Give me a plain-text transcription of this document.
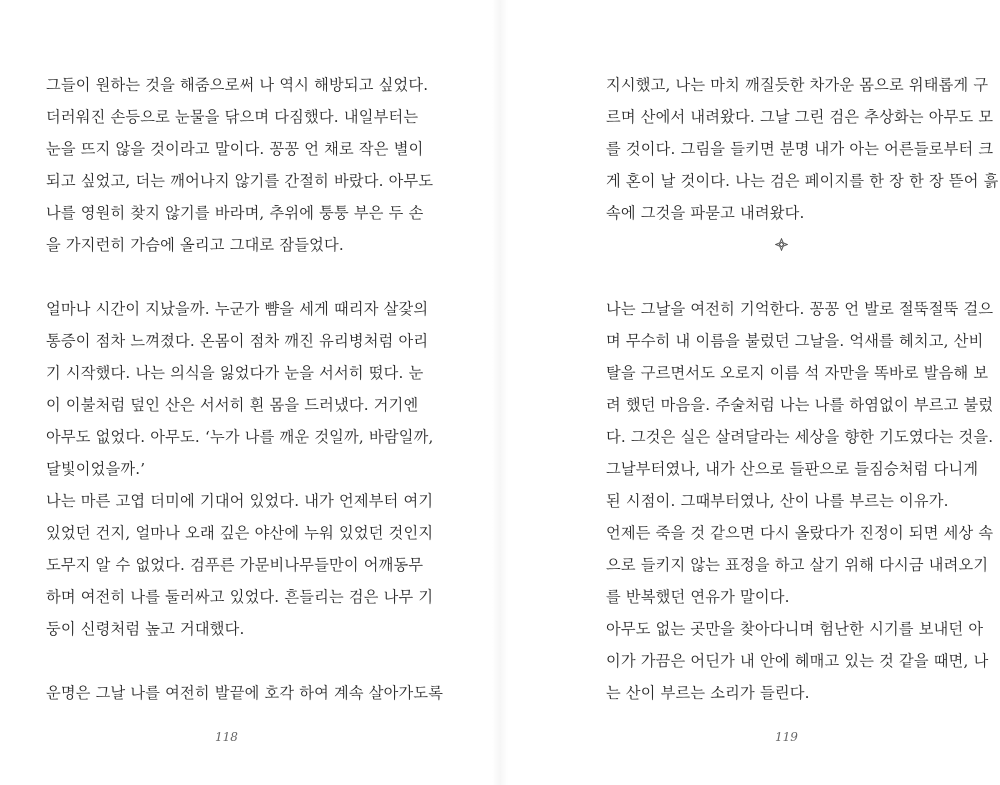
그들이 원하는 것을 해줌으로써 나 역시 해방되고 싶었다.
더러워진 손등으로 눈물을 닦으며 다짐했다. 내일부터는
눈을 뜨지 않을 것이라고 말이다. 꽁꽁 언 채로 작은 별이
되고 싶었고, 더는 깨어나지 않기를 간절히 바랐다. 아무도
나를 영원히 찾지 않기를 바라며, 추위에 퉁퉁 부은 두 손
을 가지런히 가슴에 올리고 그대로 잠들었다.
얼마나 시간이 지났을까. 누군가 뺨을 세게 때리자 살갗의
통증이 점차 느껴졌다. 온몸이 점차 깨진 유리병처럼 아리
기 시작했다. 나는 의식을 잃었다가 눈을 서서히 떴다. 눈
이 이불처럼 덮인 산은 서서히 흰 몸을 드러냈다. 거기엔
아무도 없었다. 아무도. ‘누가 나를 깨운 것일까, 바람일까,
달빛이었을까.’
나는 마른 고엽 더미에 기대어 있었다. 내가 언제부터 여기
있었던 건지, 얼마나 오래 깊은 야산에 누워 있었던 것인지
도무지 알 수 없었다. 검푸른 가문비나무들만이 어깨동무
하며 여전히 나를 둘러싸고 있었다. 흔들리는 검은 나무 기
둥이 신령처럼 높고 거대했다.
운명은 그날 나를 여전히 발끝에 호각 하여 계속 살아가도록
118
지시했고, 나는 마치 깨질듯한 차가운 몸으로 위태롭게 구
르며 산에서 내려왔다. 그날 그린 검은 추상화는 아무도 모
를 것이다. 그림을 들키면 분명 내가 아는 어른들로부터 크
게 혼이 날 것이다. 나는 검은 페이지를 한 장 한 장 뜯어 흙
속에 그것을 파묻고 내려왔다.
나는 그날을 여전히 기억한다. 꽁꽁 언 발로 절뚝절뚝 걸으
며 무수히 내 이름을 불렀던 그날을. 억새를 헤치고, 산비
탈을 구르면서도 오로지 이름 석 자만을 똑바로 발음해 보
려 했던 마음을. 주술처럼 나는 나를 하염없이 부르고 불렀
다. 그것은 실은 살려달라는 세상을 향한 기도였다는 것을.
그날부터였나, 내가 산으로 들판으로 들짐승처럼 다니게
된 시점이. 그때부터였나, 산이 나를 부르는 이유가.
언제든 죽을 것 같으면 다시 올랐다가 진정이 되면 세상 속
으로 들키지 않는 표정을 하고 살기 위해 다시금 내려오기
를 반복했던 연유가 말이다.
아무도 없는 곳만을 찾아다니며 험난한 시기를 보내던 아
이가 가끔은 어딘가 내 안에 헤매고 있는 것 같을 때면, 나
는 산이 부르는 소리가 들린다.
119
